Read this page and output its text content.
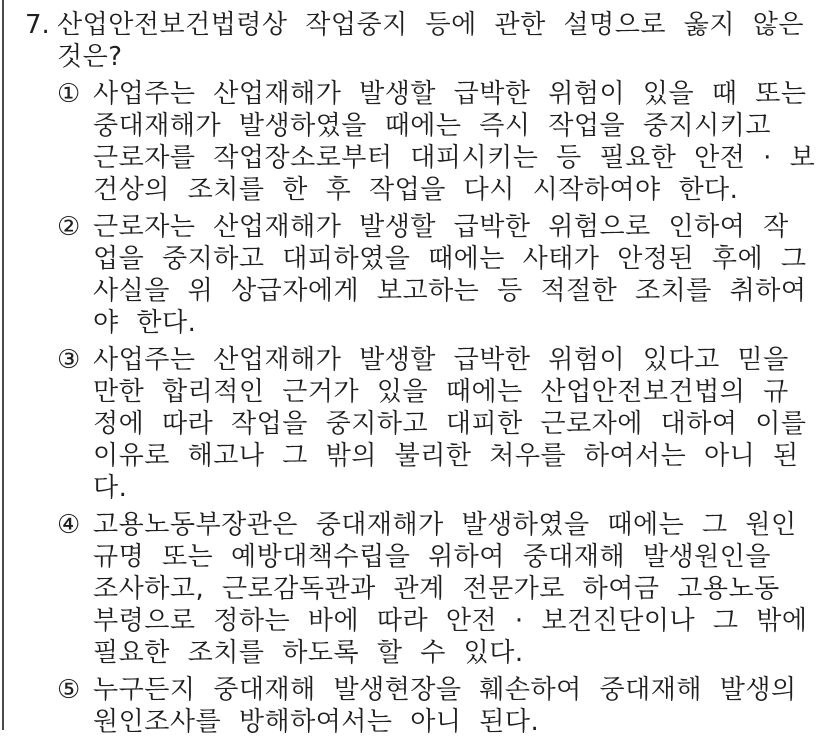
7. 산업안전보건법령상 작업중지 등에 관한 설명으로 옳지 않은
것은?
① 사업주는 산업재해가 발생할 급박한 위험이 있을 때 또는
중대재해가 발생하였을 때에는 즉시 작업을 중지시키고
근로자를 작업장소로부터 대피시키는 등 필요한 안전 · 보
건상의 조치를 한 후 작업을 다시 시작하여야 한다.
② 근로자는 산업재해가 발생할 급박한 위험으로 인하여 작
업을 중지하고 대피하였을 때에는 사태가 안정된 후에 그
사실을 위 상급자에게 보고하는 등 적절한 조치를 취하여
야 한다.
③ 사업주는 산업재해가 발생할 급박한 위험이 있다고 믿을
만한 합리적인 근거가 있을 때에는 산업안전보건법의 규
정에 따라 작업을 중지하고 대피한 근로자에 대하여 이를
이유로 해고나 그 밖의 불리한 처우를 하여서는 아니 된
다.
④ 고용노동부장관은 중대재해가 발생하였을 때에는 그 원인
규명 또는 예방대책수립을 위하여 중대재해 발생원인을
조사하고, 근로감독관과 관계 전문가로 하여금 고용노동
부령으로 정하는 바에 따라 안전 · 보건진단이나 그 밖에
필요한 조치를 하도록 할 수 있다.
⑤ 누구든지 중대재해 발생현장을 훼손하여 중대재해 발생의
원인조사를 방해하여서는 아니 된다.
